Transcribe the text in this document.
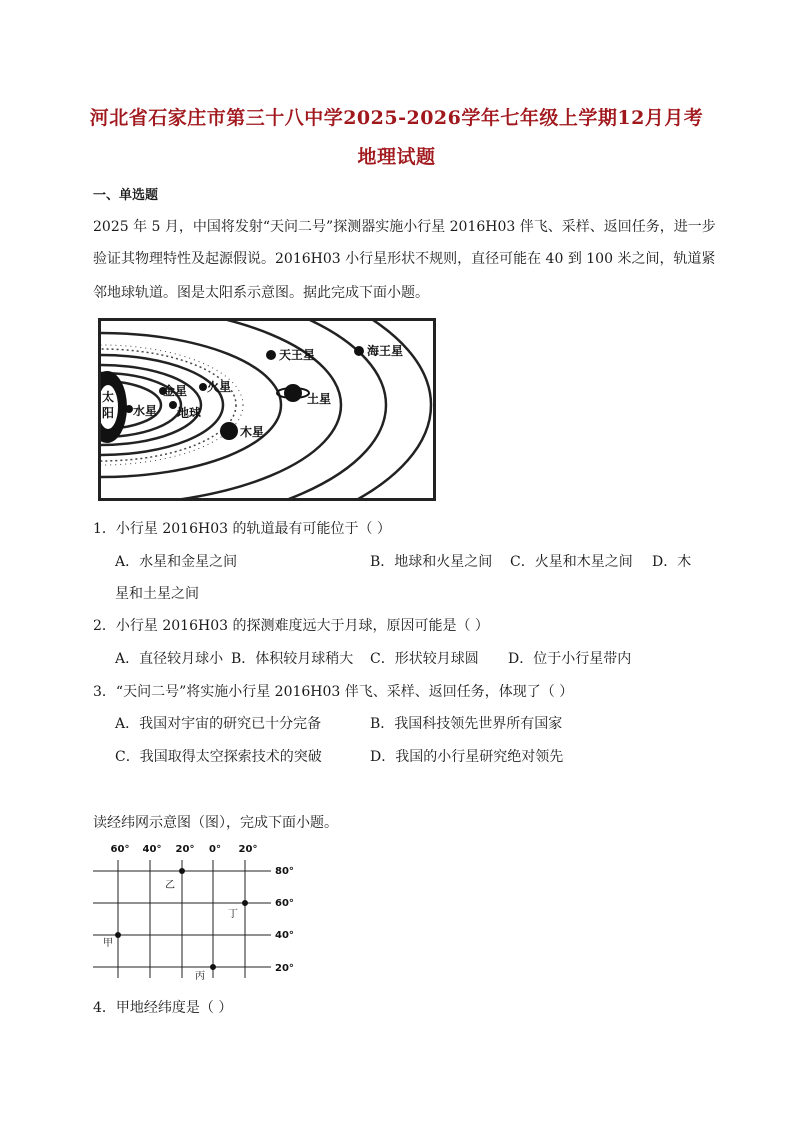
河北省石家庄市第三十八中学2025-2026学年七年级上学期12月月考
地理试题
一、单选题
2025 年 5 月，中国将发射“天问二号”探测器实施小行星 2016H03 伴飞、采样、返回任务，进一步
验证其物理特性及起源假说。2016H03 小行星形状不规则，直径可能在 40 到 100 米之间，轨道紧
邻地球轨道。图是太阳系示意图。据此完成下面小题。
太阳 水星
金星
地球
火星
木星
土星
天王星	海王星
1．小行星 2016H03 的轨道最有可能位于（ ）
A．水星和金星之间	B．地球和火星之间 C．火星和木星之间 D．木
星和土星之间
2．小行星 2016H03 的探测难度远大于月球，原因可能是（ ）
A．直径较月球小 B．体积较月球稍大 C．形状较月球圆 D．位于小行星带内
3．“天问二号”将实施小行星 2016H03 伴飞、采样、返回任务，体现了（ ）
A．我国对宇宙的研究已十分完备	B．我国科技领先世界所有国家
C．我国取得太空探索技术的突破	D．我国的小行星研究绝对领先
读经纬网示意图（图），完成下面小题。
60° 40° 20° 0° 20°
80°
60°
40°
20°
甲
乙
丙
丁
4．甲地经纬度是（ ）
